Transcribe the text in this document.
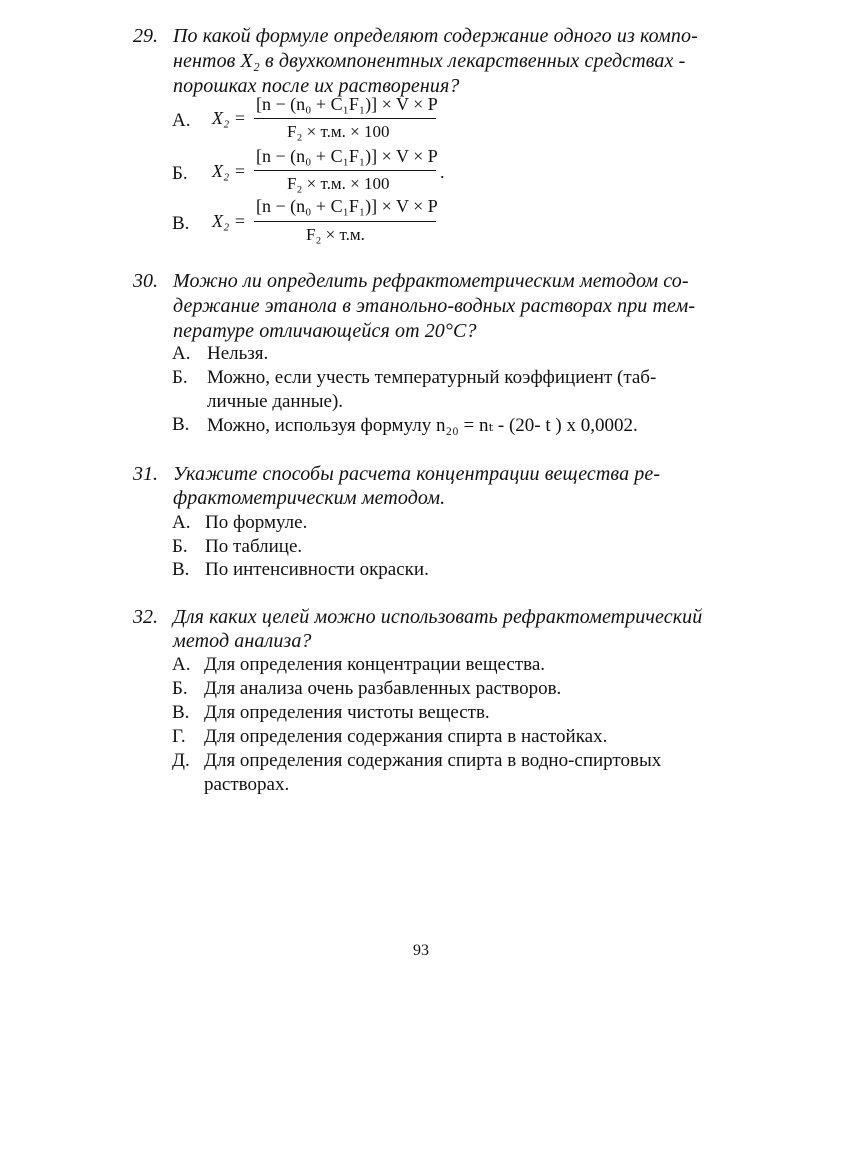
29. По какой формуле определяют содержание одного из компо-
нентов X₂ в двухкомпонентных лекарственных средствах -
порошках после их растворения?
А. X₂ =
[n − (n₀ + C₁F₁)] × V × P
F₂ × т.м. × 100
Б. X₂ =
[n − (n₀ + C₁F₁)] × V × P
.
F₂ × т.м. × 100
В. X₂ =
[n − (n₀ + C₁F₁)] × V × P
F₂ × т.м.
30. Можно ли определить рефрактометрическим методом со-
держание этанола в этанольно-водных растворах при тем-
пературе отличающейся от 20°С?
А. Нельзя.
Б. Можно, если учесть температурный коэффициент (таб-
личные данные).
В. Можно, используя формулу n₂₀ = nₜ - (20- t ) х 0,0002.
31. Укажите способы расчета концентрации вещества ре-
фрактометрическим методом.
А. По формуле.
Б. По таблице.
В. По интенсивности окраски.
32. Для каких целей можно использовать рефрактометрический
метод анализа?
А. Для определения концентрации вещества.
Б. Для анализа очень разбавленных растворов.
В. Для определения чистоты веществ.
Г. Для определения содержания спирта в настойках.
Д. Для определения содержания спирта в водно-спиртовых
растворах.
93
